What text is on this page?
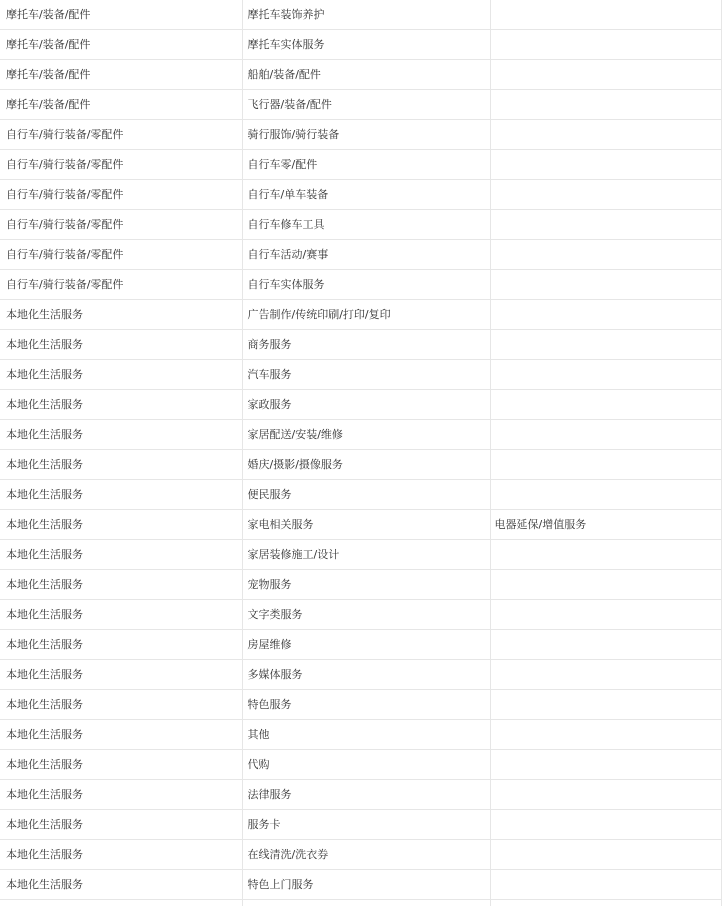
摩托车/装备/配件	摩托车装饰养护	
摩托车/装备/配件	摩托车实体服务	
摩托车/装备/配件	船舶/装备/配件	
摩托车/装备/配件	飞行器/装备/配件	
自行车/骑行装备/零配件	骑行服饰/骑行装备	
自行车/骑行装备/零配件	自行车零/配件	
自行车/骑行装备/零配件	自行车/单车装备	
自行车/骑行装备/零配件	自行车修车工具	
自行车/骑行装备/零配件	自行车活动/赛事	
自行车/骑行装备/零配件	自行车实体服务	
本地化生活服务	广告制作/传统印刷/打印/复印	
本地化生活服务	商务服务	
本地化生活服务	汽车服务	
本地化生活服务	家政服务	
本地化生活服务	家居配送/安装/维修	
本地化生活服务	婚庆/摄影/摄像服务	
本地化生活服务	便民服务	
本地化生活服务	家电相关服务	电器延保/增值服务
本地化生活服务	家居装修施工/设计	
本地化生活服务	宠物服务	
本地化生活服务	文字类服务	
本地化生活服务	房屋维修	
本地化生活服务	多媒体服务	
本地化生活服务	特色服务	
本地化生活服务	其他	
本地化生活服务	代购	
本地化生活服务	法律服务	
本地化生活服务	服务卡	
本地化生活服务	在线清洗/洗衣券	
本地化生活服务	特色上门服务	
